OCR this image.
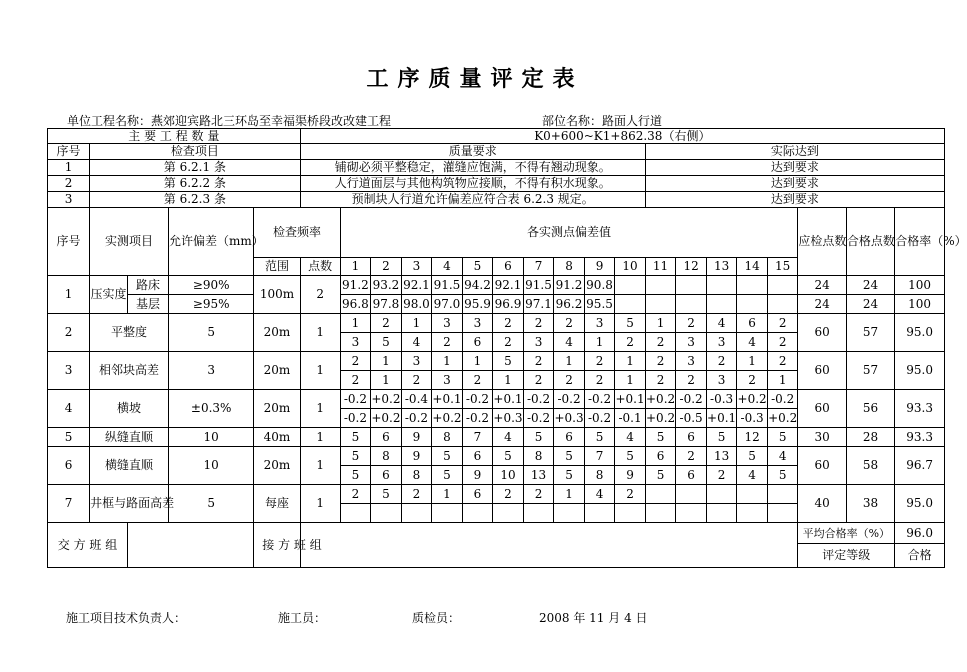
工序质量评定表
单位工程名称：燕郊迎宾路北三环岛至幸福渠桥段改改建工程	部位名称：路面人行道
主 要 工 程 数 量					K0+600~K1+862.38（右侧）																		
序号	检查项目				质量要求											实际达到							
1	第 6.2.1 条				铺砌必须平整稳定，灌缝应饱满，不得有翘动现象。											达到要求							
2	第 6.2.2 条				人行道面层与其他构筑物应接顺，不得有积水现象。											达到要求							
3	第 6.2.3 条				预制块人行道允许偏差应符合表 6.2.3 规定。											达到要求							
序号	实测项目		允许偏差（mm）	检查频率		各实测点偏差值															应检点数	合格点数	合格率（%）
				范围	点数	1	2	3	4	5	6	7	8	9	10	11	12	13	14	15			
1	压实度	路床	≥90%	100m	2	91.2	93.2	92.1	91.5	94.2	92.1	91.5	91.2	90.8							24	24	100
		基层	≥95%			96.8	97.8	98.0	97.0	95.9	96.9	97.1	96.2	95.5							24	24	100
2	平整度		5	20m	1	1	2	1	3	3	2	2	2	3	5	1	2	4	6	2	60	57	95.0
						3	5	4	2	6	2	3	4	1	2	2	3	3	4	2			
3	相邻块高差		3	20m	1	2	1	3	1	1	5	2	1	2	1	2	3	2	1	2	60	57	95.0
						2	1	2	3	2	1	2	2	2	1	2	2	3	2	1			
4	横坡		±0.3%	20m	1	-0.2	+0.2	-0.4	+0.1	-0.2	+0.1	-0.2	-0.2	-0.2	+0.1	+0.2	-0.2	-0.3	+0.2	-0.2	60	56	93.3
						-0.2	+0.2	-0.2	+0.2	-0.2	+0.3	-0.2	+0.3	-0.2	-0.1	+0.2	-0.5	+0.1	-0.3	+0.2			
5	纵缝直顺		10	40m	1	5	6	9	8	7	4	5	6	5	4	5	6	5	12	5	30	28	93.3
6	横缝直顺		10	20m	1	5	8	9	5	6	5	8	5	7	5	6	2	13	5	4	60	58	96.7
						5	6	8	5	9	10	13	5	8	9	5	6	2	4	5			
7	井框与路面高差		5	每座	1	2	5	2	1	6	2	2	1	4	2						40	38	95.0

交 方 班 组				接 方 班 组																	平均合格率（%）		96.0
																					评定等级		合格
施工项目技术负责人：	施工员：	质检员：	2008 年 11 月 4 日
